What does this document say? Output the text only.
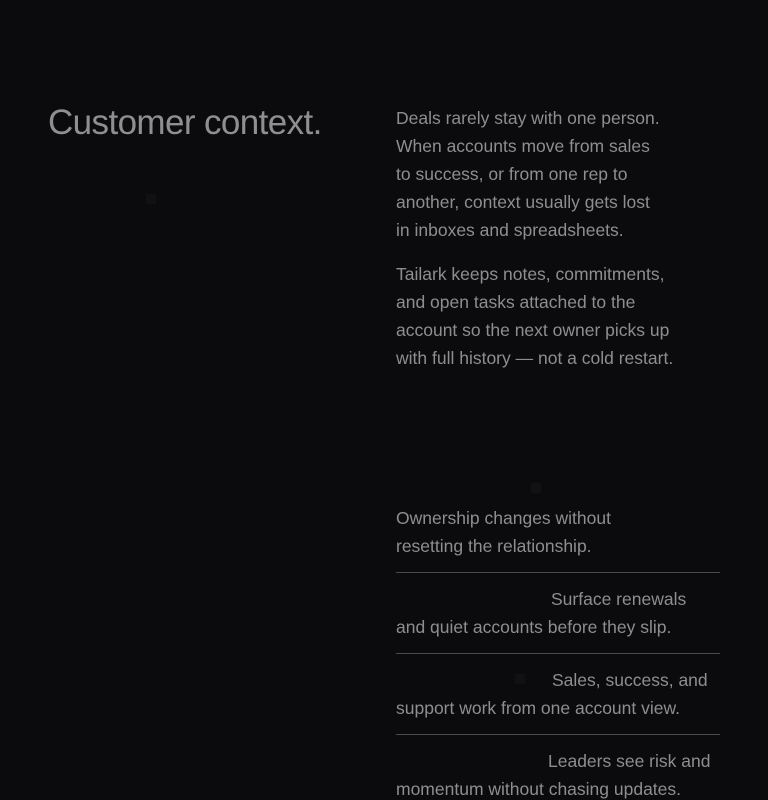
Customer context.	Deals rarely stay with one person.
When accounts move from sales
to success, or from one rep to
another, context usually gets lost
in inboxes and spreadsheets.

Tailark keeps notes, commitments,
and open tasks attached to the
account so the next owner picks up
with full history — not a cold restart.

Ownership changes without
resetting the relationship.
Surface renewals
and quiet accounts before they slip.
Sales, success, and
support work from one account view.
Leaders see risk and
momentum without chasing updates.
